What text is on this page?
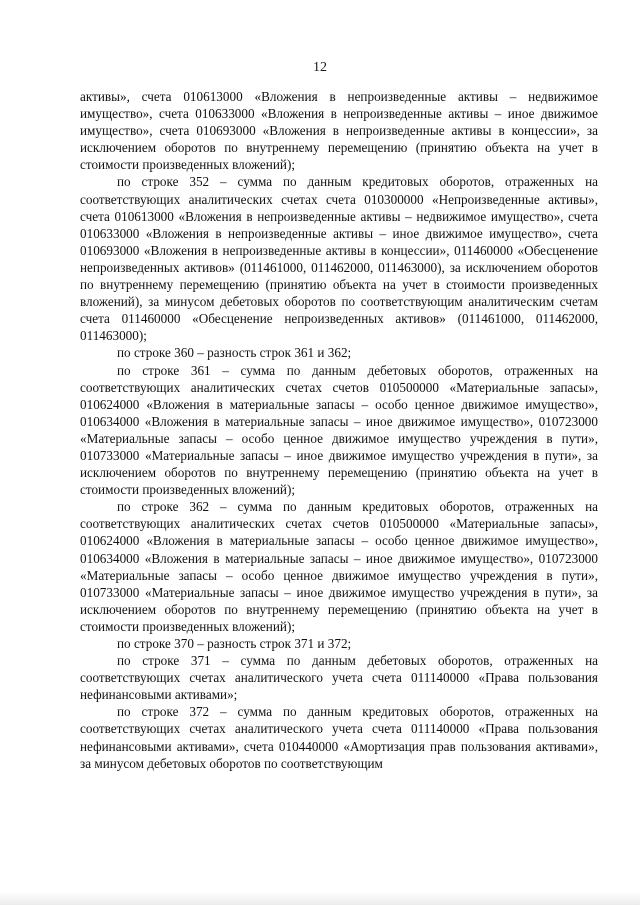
12

активы», счета 010613000 «Вложения в непроизведенные активы – недвижимое имущество», счета 010633000 «Вложения в непроизведенные активы – иное движимое имущество», счета 010693000 «Вложения в непроизведенные активы в концессии», за исключением оборотов по внутреннему перемещению (принятию объекта на учет в стоимости произведенных вложений);

по строке 352 – сумма по данным кредитовых оборотов, отраженных на соответствующих аналитических счетах счета 010300000 «Непроизведенные активы», счета 010613000 «Вложения в непроизведенные активы – недвижимое имущество», счета 010633000 «Вложения в непроизведенные активы – иное движимое имущество», счета 010693000 «Вложения в непроизведенные активы в концессии», 011460000 «Обесценение непроизведенных активов» (011461000, 011462000, 011463000), за исключением оборотов по внутреннему перемещению (принятию объекта на учет в стоимости произведенных вложений), за минусом дебетовых оборотов по соответствующим аналитическим счетам счета 011460000 «Обесценение непроизведенных активов» (011461000, 011462000, 011463000);

по строке 360 – разность строк 361 и 362;

по строке 361 – сумма по данным дебетовых оборотов, отраженных на соответствующих аналитических счетах счетов 010500000 «Материальные запасы», 010624000 «Вложения в материальные запасы – особо ценное движимое имущество», 010634000 «Вложения в материальные запасы – иное движимое имущество», 010723000 «Материальные запасы – особо ценное движимое имущество учреждения в пути», 010733000 «Материальные запасы – иное движимое имущество учреждения в пути», за исключением оборотов по внутреннему перемещению (принятию объекта на учет в стоимости произведенных вложений);

по строке 362 – сумма по данным кредитовых оборотов, отраженных на соответствующих аналитических счетах счетов 010500000 «Материальные запасы», 010624000 «Вложения в материальные запасы – особо ценное движимое имущество», 010634000 «Вложения в материальные запасы – иное движимое имущество», 010723000 «Материальные запасы – особо ценное движимое имущество учреждения в пути», 010733000 «Материальные запасы – иное движимое имущество учреждения в пути», за исключением оборотов по внутреннему перемещению (принятию объекта на учет в стоимости произведенных вложений);

по строке 370 – разность строк 371 и 372;

по строке 371 – сумма по данным дебетовых оборотов, отраженных на соответствующих счетах аналитического учета счета 011140000 «Права пользования нефинансовыми активами»;

по строке 372 – сумма по данным кредитовых оборотов, отраженных на соответствующих счетах аналитического учета счета 011140000 «Права пользования нефинансовыми активами», счета 010440000 «Амортизация прав пользования активами», за минусом дебетовых оборотов по соответствующим
